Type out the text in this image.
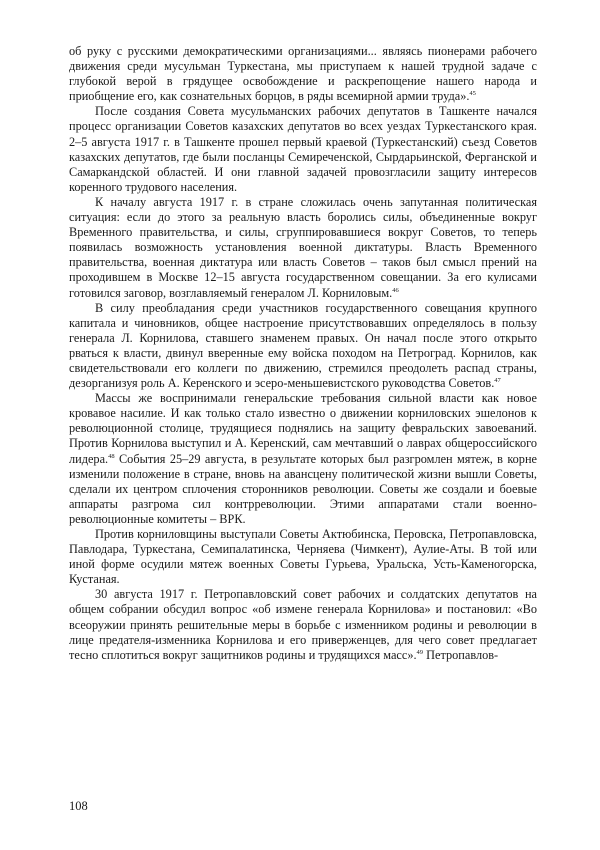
об руку с русскими демократическими организациями... являясь пионерами рабочего движения среди мусульман Туркестана, мы приступаем к нашей трудной задаче с глубокой верой в грядущее освобождение и раскрепощение нашего народа и приобщение его, как сознательных борцов, в ряды всемирной армии труда».$^{45}$

После создания Совета мусульманских рабочих депутатов в Ташкенте начался процесс организации Советов казахских депутатов во всех уездах Туркестанского края. 2–5 августа 1917 г. в Ташкенте прошел первый краевой (Туркестанский) съезд Советов казахских депутатов, где были посланцы Семиреченской, Сырдарьинской, Ферганской и Самаркандской областей. И они главной задачей провозгласили защиту интересов коренного трудового населения.

К началу августа 1917 г. в стране сложилась очень запутанная политическая ситуация: если до этого за реальную власть боролись силы, объединенные вокруг Временного правительства, и силы, сгруппировавшиеся вокруг Советов, то теперь появилась возможность установления военной диктатуры. Власть Временного правительства, военная диктатура или власть Советов – таков был смысл прений на проходившем в Москве 12–15 августа государственном совещании. За его кулисами готовился заговор, возглавляемый генералом Л. Корниловым.$^{46}$

В силу преобладания среди участников государственного совещания крупного капитала и чиновников, общее настроение присутствовавших определялось в пользу генерала Л. Корнилова, ставшего знаменем правых. Он начал после этого открыто рваться к власти, двинул вверенные ему войска походом на Петроград. Корнилов, как свидетельствовали его коллеги по движению, стремился преодолеть распад страны, дезорганизуя роль А. Керенского и эсеро-меньшевистского руководства Советов.$^{47}$

Массы же воспринимали генеральские требования сильной власти как новое кровавое насилие. И как только стало известно о движении корниловских эшелонов к революционной столице, трудящиеся поднялись на защиту февральских завоеваний. Против Корнилова выступил и А. Керенский, сам мечтавший о лаврах общероссийского лидера.$^{48}$ События 25–29 августа, в результате которых был разгромлен мятеж, в корне изменили положение в стране, вновь на авансцену политической жизни вышли Советы, сделали их центром сплочения сторонников революции. Советы же создали и боевые аппараты разгрома сил контрреволюции. Этими аппаратами стали военно-революционные комитеты – ВРК.

Против корниловщины выступали Советы Актюбинска, Перовска, Петропавловска, Павлодара, Туркестана, Семипалатинска, Черняева (Чимкент), Аулие-Аты. В той или иной форме осудили мятеж военных Советы Гурьева, Уральска, Усть-Каменогорска, Кустаная.

30 августа 1917 г. Петропавловский совет рабочих и солдатских депутатов на общем собрании обсудил вопрос «об измене генерала Корнилова» и постановил: «Во всеоружии принять решительные меры в борьбе с изменником родины и революции в лице предателя-изменника Корнилова и его приверженцев, для чего совет предлагает тесно сплотиться вокруг защитников родины и трудящихся масс».$^{49}$ Петропавлов-

108
